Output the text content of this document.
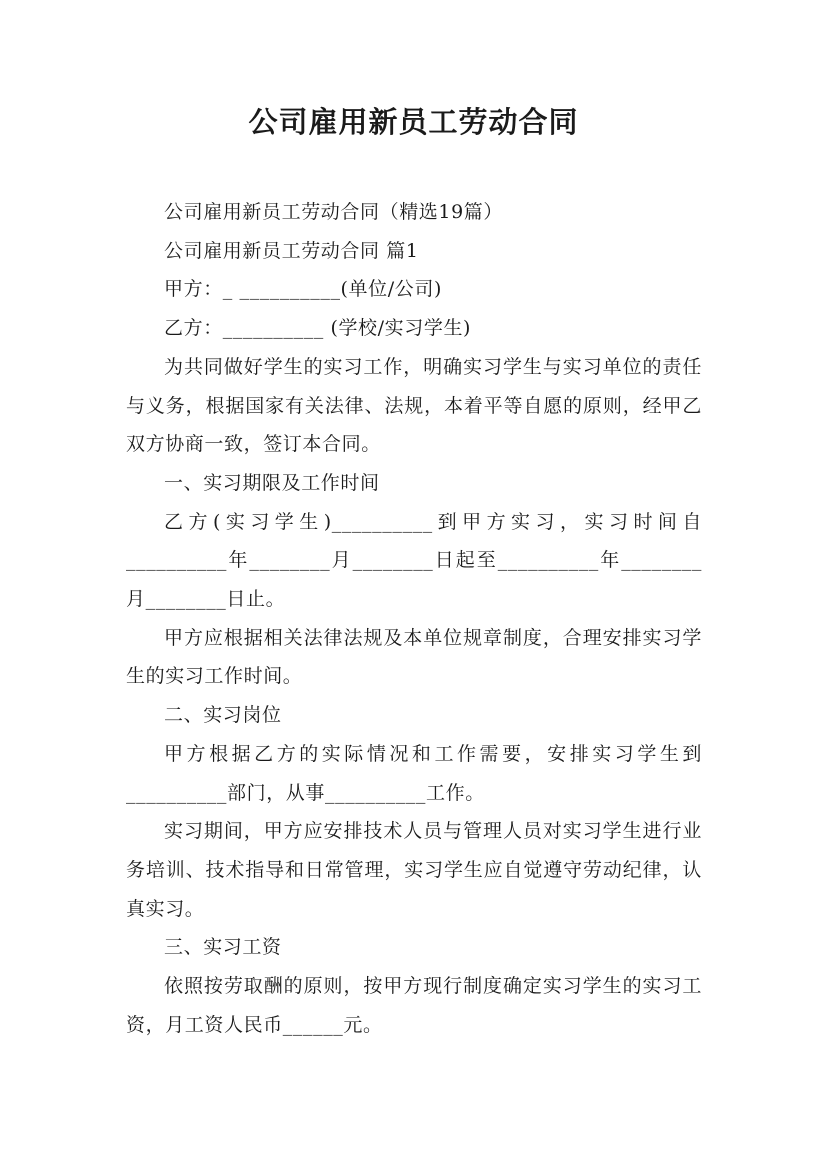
公司雇用新员工劳动合同

公司雇用新员工劳动合同（精选19篇）

公司雇用新员工劳动合同 篇1

甲方：_ __________(单位/公司)

乙方：__________ (学校/实习学生)

为共同做好学生的实习工作，明确实习学生与实习单位的责任与义务，根据国家有关法律、法规，本着平等自愿的原则，经甲乙双方协商一致，签订本合同。

一、实习期限及工作时间

乙方(实习学生)__________到甲方实习，实习时间自__________年________月________日起至__________年________月________日止。

甲方应根据相关法律法规及本单位规章制度，合理安排实习学生的实习工作时间。

二、实习岗位

甲方根据乙方的实际情况和工作需要，安排实习学生到__________部门，从事__________工作。

实习期间，甲方应安排技术人员与管理人员对实习学生进行业务培训、技术指导和日常管理，实习学生应自觉遵守劳动纪律，认真实习。

三、实习工资

依照按劳取酬的原则，按甲方现行制度确定实习学生的实习工资，月工资人民币______元。
